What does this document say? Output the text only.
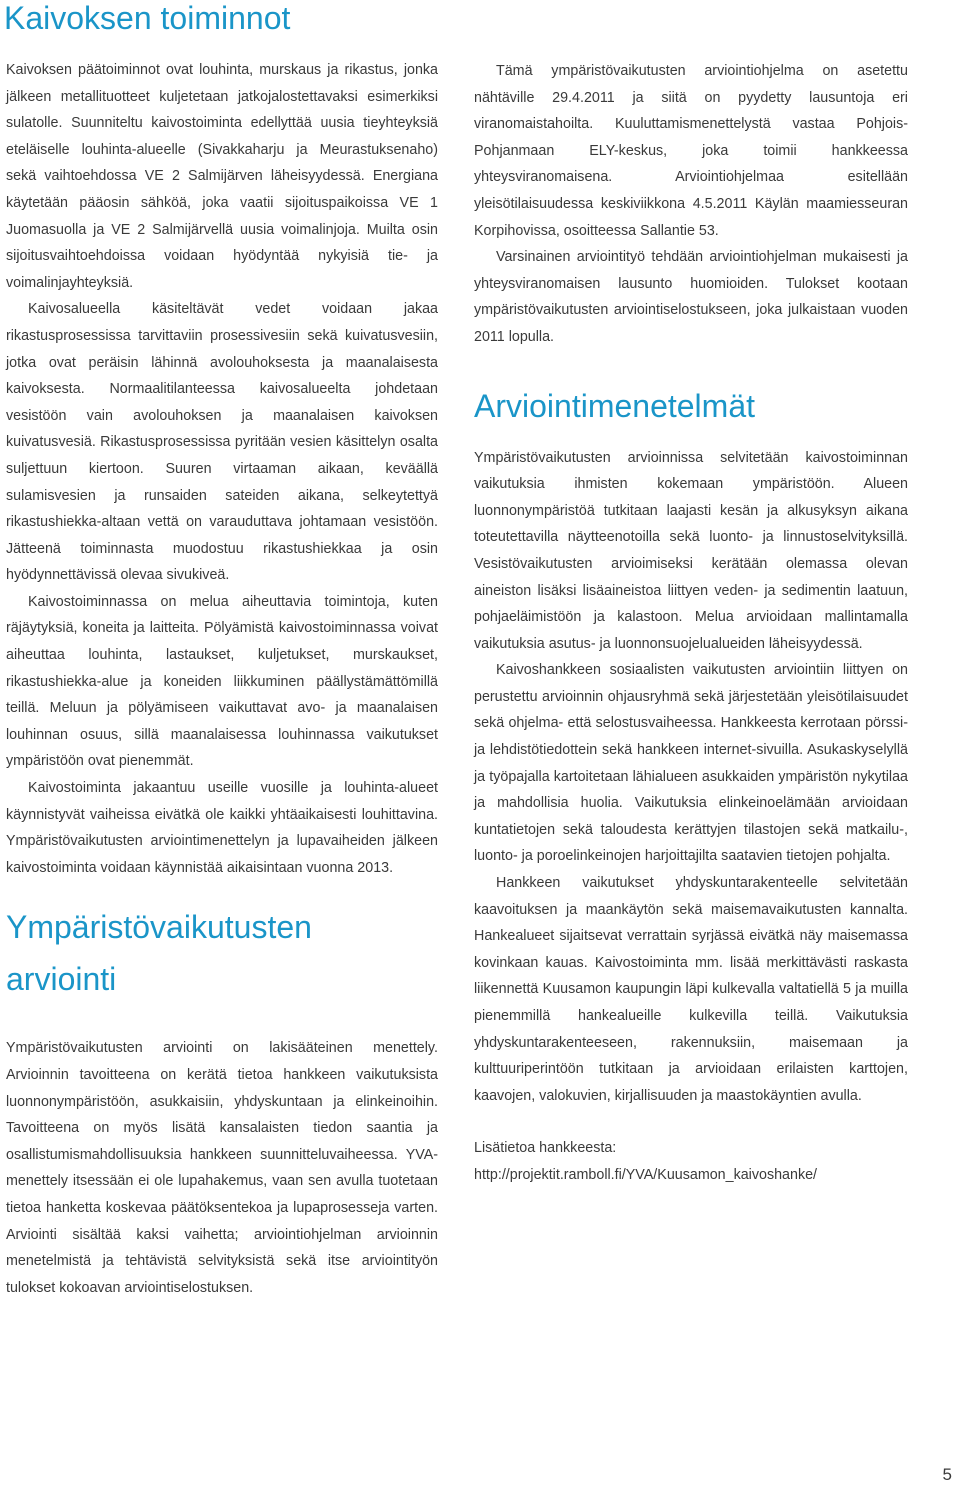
Kaivoksen toiminnot

Kaivoksen päätoiminnot ovat louhinta, murskaus ja rikastus, jonka jälkeen metallituotteet kuljetetaan jatkojalostettavaksi esimerkiksi sulatolle. Suunniteltu kaivostoiminta edellyttää uusia tieyhteyksiä eteläiselle louhinta-alueelle (Sivakkaharju ja Meurastuksenaho) sekä vaihtoehdossa VE 2 Salmijärven läheisyydessä. Energiana käytetään pääosin sähköä, joka vaatii sijoituspaikoissa VE 1 Juomasuolla ja VE 2 Salmijärvellä uusia voimalinjoja. Muilta osin sijoitusvaihtoehdoissa voidaan hyödyntää nykyisiä tie- ja voimalinjayhteyksiä.

Kaivosalueella käsiteltävät vedet voidaan jakaa rikastusprosessissa tarvittaviin prosessivesiin sekä kuivatusvesiin, jotka ovat peräisin lähinnä avolouhoksesta ja maanalaisesta kaivoksesta. Normaalitilanteessa kaivosalueelta johdetaan vesistöön vain avolouhoksen ja maanalaisen kaivoksen kuivatusvesiä. Rikastusprosessissa pyritään vesien käsittelyn osalta suljettuun kiertoon. Suuren virtaaman aikaan, keväällä sulamisvesien ja runsaiden sateiden aikana, selkeytettyä rikastushiekka-altaan vettä on varauduttava johtamaan vesistöön. Jätteenä toiminnasta muodostuu rikastushiekkaa ja osin hyödynnettävissä olevaa sivukiveä.

Kaivostoiminnassa on melua aiheuttavia toimintoja, kuten räjäytyksiä, koneita ja laitteita. Pölyämistä kaivostoiminnassa voivat aiheuttaa louhinta, lastaukset, kuljetukset, murskaukset, rikastushiekka-alue ja koneiden liikkuminen päällystämättömillä teillä. Meluun ja pölyämiseen vaikuttavat avo- ja maanalaisen louhinnan osuus, sillä maanalaisessa louhinnassa vaikutukset ympäristöön ovat pienemmät.

Kaivostoiminta jakaantuu useille vuosille ja louhinta-alueet käynnistyvät vaiheissa eivätkä ole kaikki yhtäaikaisesti louhittavina. Ympäristövaikutusten arviointimenettelyn ja lupavaiheiden jälkeen kaivostoiminta voidaan käynnistää aikaisintaan vuonna 2013.

Ympäristövaikutusten
arviointi

Ympäristövaikutusten arviointi on lakisääteinen menettely. Arvioinnin tavoitteena on kerätä tietoa hankkeen vaikutuksista luonnonympäristöön, asukkaisiin, yhdyskuntaan ja elinkeinoihin. Tavoitteena on myös lisätä kansalaisten tiedon saantia ja osallistumismahdollisuuksia hankkeen suunnitteluvaiheessa. YVA-menettely itsessään ei ole lupahakemus, vaan sen avulla tuotetaan tietoa hanketta koskevaa päätöksentekoa ja lupaprosesseja varten. Arviointi sisältää kaksi vaihetta; arviointiohjelman arvioinnin menetelmistä ja tehtävistä selvityksistä sekä itse arviointityön tulokset kokoavan arviointiselostuksen.

Tämä ympäristövaikutusten arviointiohjelma on asetettu nähtäville 29.4.2011 ja siitä on pyydetty lausuntoja eri viranomaistahoilta. Kuuluttamismenettelystä vastaa Pohjois-Pohjanmaan ELY-keskus, joka toimii hankkeessa yhteysviranomaisena. Arviointiohjelmaa esitellään yleisötilaisuudessa keskiviikkona 4.5.2011 Käylän maamiesseuran Korpihovissa, osoitteessa Sallantie 53.

Varsinainen arviointityö tehdään arviointiohjelman mukaisesti ja yhteysviranomaisen lausunto huomioiden. Tulokset kootaan ympäristövaikutusten arviointiselostukseen, joka julkaistaan vuoden 2011 lopulla.

Arviointimenetelmät

Ympäristövaikutusten arvioinnissa selvitetään kaivostoiminnan vaikutuksia ihmisten kokemaan ympäristöön. Alueen luonnonympäristöä tutkitaan laajasti kesän ja alkusyksyn aikana toteutettavilla näytteenotoilla sekä luonto- ja linnustoselvityksillä. Vesistövaikutusten arvioimiseksi kerätään olemassa olevan aineiston lisäksi lisäaineistoa liittyen veden- ja sedimentin laatuun, pohjaeläimistöön ja kalastoon. Melua arvioidaan mallintamalla vaikutuksia asutus- ja luonnonsuojelualueiden läheisyydessä.

Kaivoshankkeen sosiaalisten vaikutusten arviointiin liittyen on perustettu arvioinnin ohjausryhmä sekä järjestetään yleisötilaisuudet sekä ohjelma- että selostusvaiheessa. Hankkeesta kerrotaan pörssi- ja lehdistötiedottein sekä hankkeen internet-sivuilla. Asukaskyselyllä ja työpajalla kartoitetaan lähialueen asukkaiden ympäristön nykytilaa ja mahdollisia huolia. Vaikutuksia elinkeinoelämään arvioidaan kuntatietojen sekä taloudesta kerättyjen tilastojen sekä matkailu-, luonto- ja poroelinkeinojen harjoittajilta saatavien tietojen pohjalta.

Hankkeen vaikutukset yhdyskuntarakenteelle selvitetään kaavoituksen ja maankäytön sekä maisemavaikutusten kannalta. Hankealueet sijaitsevat verrattain syrjässä eivätkä näy maisemassa kovinkaan kauas. Kaivostoiminta mm. lisää merkittävästi raskasta liikennettä Kuusamon kaupungin läpi kulkevalla valtatiellä 5 ja muilla pienemmillä hankealueille kulkevilla teillä. Vaikutuksia yhdyskuntarakenteeseen, rakennuksiin, maisemaan ja kulttuuriperintöön tutkitaan ja arvioidaan erilaisten karttojen, kaavojen, valokuvien, kirjallisuuden ja maastokäyntien avulla.

Lisätietoa hankkeesta:

http://projektit.ramboll.fi/YVA/Kuusamon_kaivoshanke/

5
